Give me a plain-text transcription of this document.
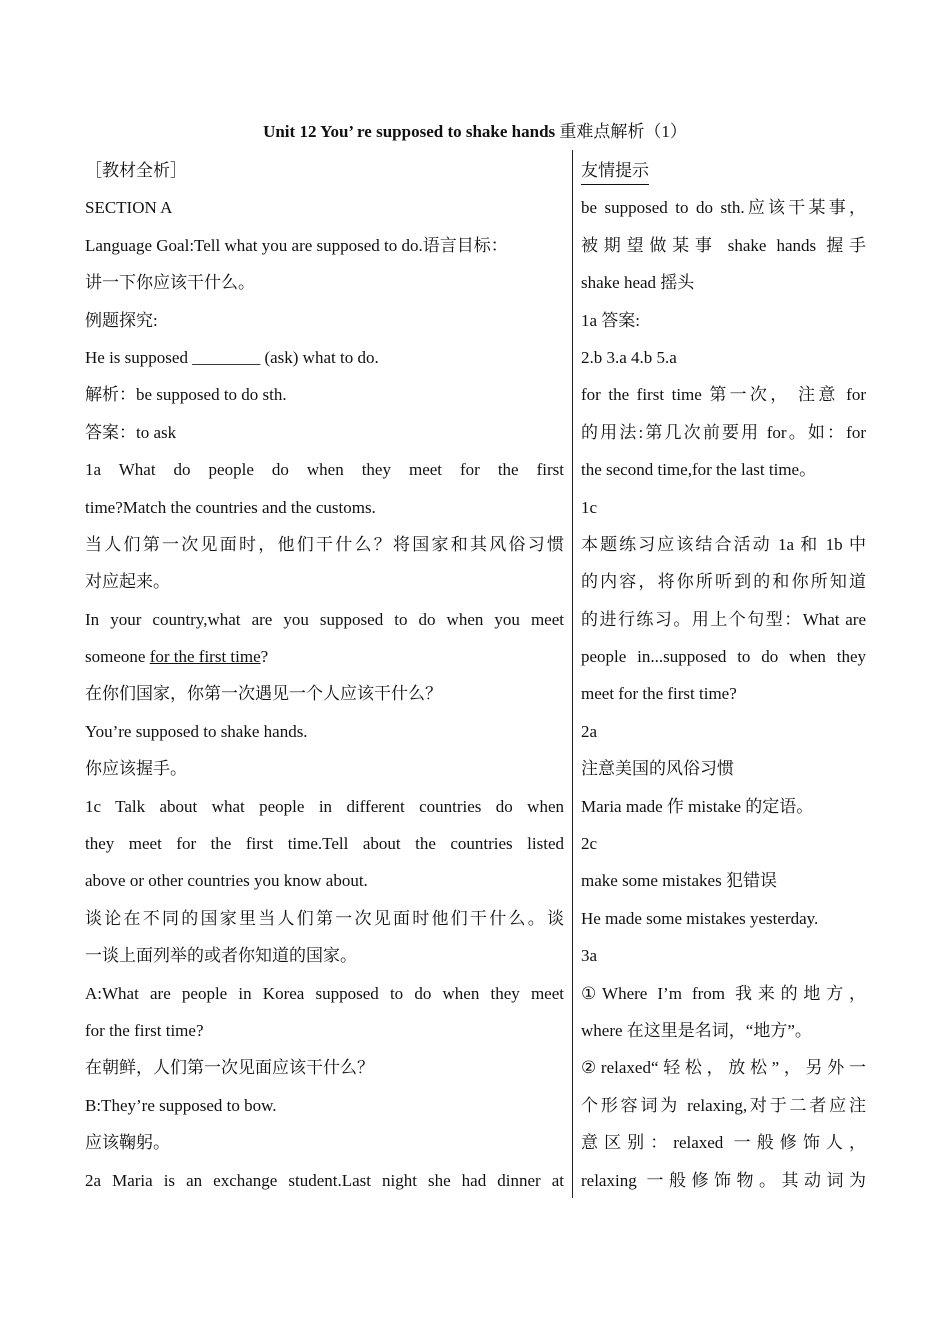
Unit 12 You’ re supposed to shake hands 重难点解析（1）
［教材全析］
SECTION A
Language Goal:Tell what you are supposed to do.语言目标：
讲一下你应该干什么。
例题探究:
He is supposed ________ (ask) what to do.
解析：be supposed to do sth.
答案：to ask
1a What do people do when they meet for the first
time?Match the countries and the customs.
当人们第一次见面时，他们干什么？将国家和其风俗习惯
对应起来。
In your country,what are you supposed to do when you meet
someone for the first time?
在你们国家，你第一次遇见一个人应该干什么？
You’re supposed to shake hands.
你应该握手。
1c Talk about what people in different countries do when
they meet for the first time.Tell about the countries listed
above or other countries you know about.
谈论在不同的国家里当人们第一次见面时他们干什么。谈
一谈上面列举的或者你知道的国家。
A:What are people in Korea supposed to do when they meet
for the first time?
在朝鲜，人们第一次见面应该干什么？
B:They’re supposed to bow.
应该鞠躬。
2a Maria is an exchange student.Last night she had dinner at
友情提示
be supposed to do sth.应该干某事，
被期望做某事 shake hands 握手
shake head 摇头
1a 答案:
2.b 3.a 4.b 5.a
for the first time 第一次， 注意 for
的用法:第几次前要用 for。如：for
the second time,for the last time。
1c
本题练习应该结合活动 1a 和 1b 中
的内容，将你所听到的和你所知道
的进行练习。用上个句型：What are
people in...supposed to do when they
meet for the first time?
2a
注意美国的风俗习惯
Maria made 作 mistake 的定语。
2c
make some mistakes 犯错误
He made some mistakes yesterday.
3a
①Where I’m from 我来的地方，
where 在这里是名词，“地方”。
②relaxed“轻松，放松”，另外一
个形容词为 relaxing,对于二者应注
意区别：relaxed 一般修饰人，
relaxing 一般修饰物。其动词为
